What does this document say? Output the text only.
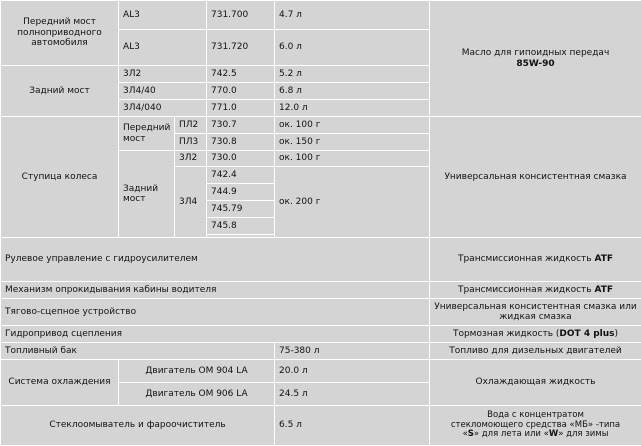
Передний мост полноприводного автомобиля	AL3		731.700	4.7 л	Масло для гипоидных передач
85W-90
	AL3		731.720	6.0 л	
Задний мост	3Л2		742.5	5.2 л	
	3Л4/40		770.0	6.8 л	
	3Л4/040		771.0	12.0 л	
Ступица колеса	Передний мост	ПЛ2	730.7	ок. 100 г	Универсальная консистентная смазка
		ПЛ3	730.8	ок. 150 г	
	Задний мост	3Л2	730.0	ок. 100 г	
		3Л4	742.4	ок. 200 г	
			744.9		
			745.79		
			745.8		

Рулевое управление с гидроусилителем					Трансмиссионная жидкость ATF
Механизм опрокидывания кабины водителя					Трансмиссионная жидкость ATF
Тягово-сцепное устройство					Универсальная консистентная смазка или жидкая смазка
Гидропривод сцепления					Тормозная жидкость (DOT 4 plus)
Топливный бак				75-380 л	Топливо для дизельных двигателей
Система охлаждения	Двигатель OM 904 LA			20.0 л	Охлаждающая жидкость
	Двигатель OM 906 LA			24.5 л	
Стеклоомыватель и фароочиститель				6.5 л	Вода с концентратом
стекломоющего средства «МБ» -типа
«S» для лета или «W» для зимы
